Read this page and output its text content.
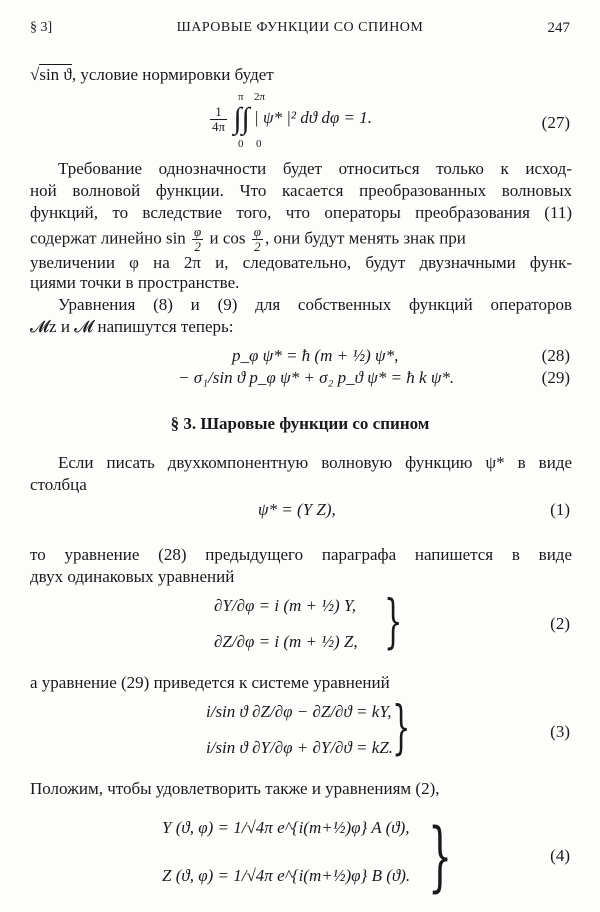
§ 3]	ШАРОВЫЕ ФУНКЦИИ СО СПИНОМ	247
√sin ϑ, условие нормировки будет
$\frac{1}{4\pi}$ ∫∫ | ψ* |² dϑ dφ = 1.
π 2π
0 0
(27)
Требование однозначности будет относиться только к исход-
ной волновой функции. Что касается преобразованных волновых
функций, то вследствие того, что операторы преобразования (11)
содержат линейно $\sin \frac{\varphi}{2}$ и $\cos \frac{\varphi}{2}$ , они будут менять знак при
увеличении φ на 2π и, следовательно, будут двузначными функ-
циями точки в пространстве.
Уравнения (8) и (9) для собственных функций операторов
𝓜z и 𝓜 напишутся теперь:
p_φ ψ* = ħ (m + ½) ψ*,	(28)
− σ₁/sin ϑ p_φ ψ* + σ₂ p_ϑ ψ* = ħ k ψ*.	(29)
§ 3. Шаровые функции со спином
Если писать двухкомпонентную волновую функцию ψ* в виде
столбца
ψ* = (Y Z),	(1)
то уравнение (28) предыдущего параграфа напишется в виде
двух одинаковых уравнений
∂Y/∂φ = i (m + ½) Y,
∂Z/∂φ = i (m + ½) Z, }	(2)
а уравнение (29) приведется к системе уравнений
i/sin ϑ ∂Z/∂φ − ∂Z/∂ϑ = kY,
i/sin ϑ ∂Y/∂φ + ∂Y/∂ϑ = kZ.
}	(3)
Положим, чтобы удовлетворить также и уравнениям (2),
Y (ϑ, φ) = 1/√4π e^{i(m+½)φ} A (ϑ),
Z (ϑ, φ) = 1/√4π e^{i(m+½)φ} B (ϑ). }	(4)
